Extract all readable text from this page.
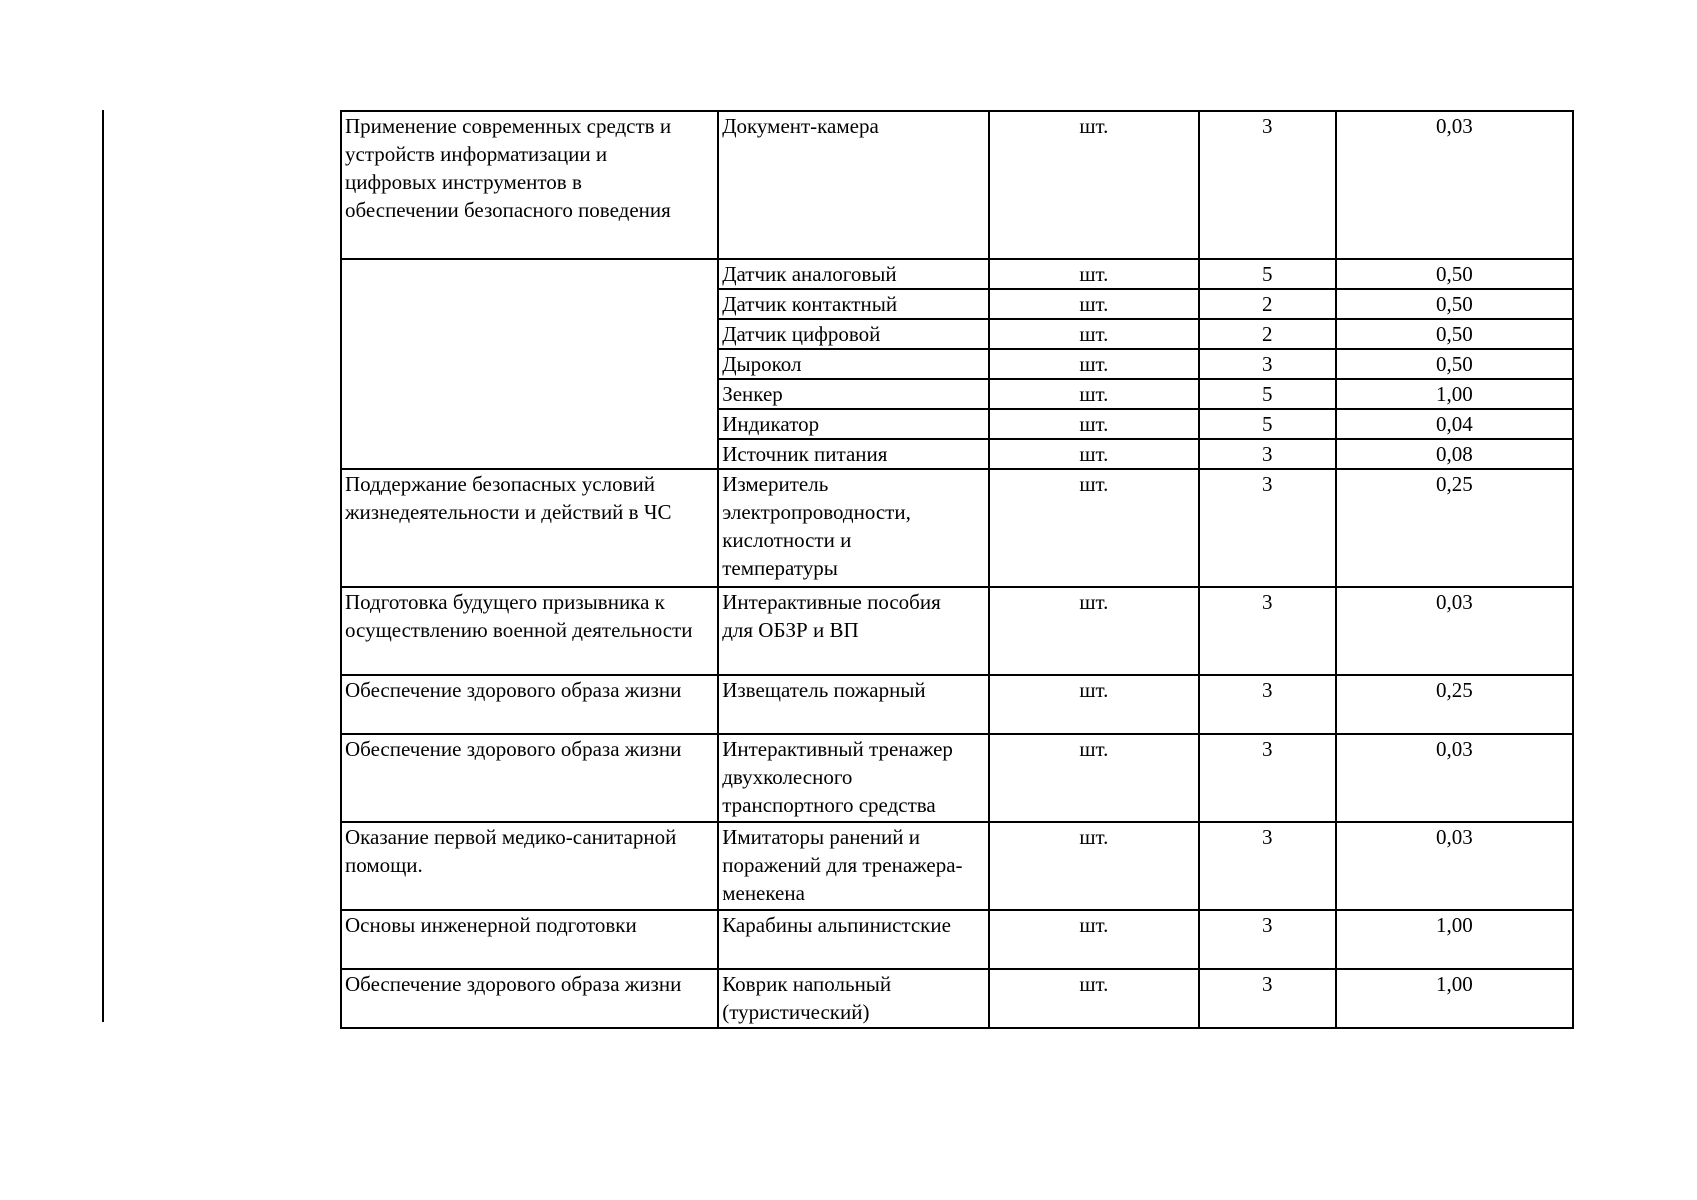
Применение современных средств и
устройств информатизации и
цифровых инструментов в
обеспечении безопасного поведения	Документ-камера	шт.	3	0,03

	Датчик аналоговый	шт.	5	0,50

	Датчик контактный	шт.	2	0,50

	Датчик цифровой	шт.	2	0,50

	Дырокол	шт.	3	0,50

	Зенкер	шт.	5	1,00

	Индикатор	шт.	5	0,04

	Источник питания	шт.	3	0,08

Поддержание безопасных условий
жизнедеятельности и действий в ЧС	Измеритель
электропроводности,
кислотности и
температуры	шт.	3	0,25

Подготовка будущего призывника к
осуществлению военной деятельности	Интерактивные пособия
для ОБЗР и ВП	шт.	3	0,03

Обеспечение здорового образа жизни	Извещатель пожарный	шт.	3	0,25

Обеспечение здорового образа жизни	Интерактивный тренажер
двухколесного
транспортного средства	шт.	3	0,03

Оказание первой медико-санитарной
помощи.	Имитаторы ранений и
поражений для тренажера-
менекена	шт.	3	0,03

Основы инженерной подготовки	Карабины альпинистские	шт.	3	1,00

Обеспечение здорового образа жизни	Коврик напольный
(туристический)	шт.	3	1,00
